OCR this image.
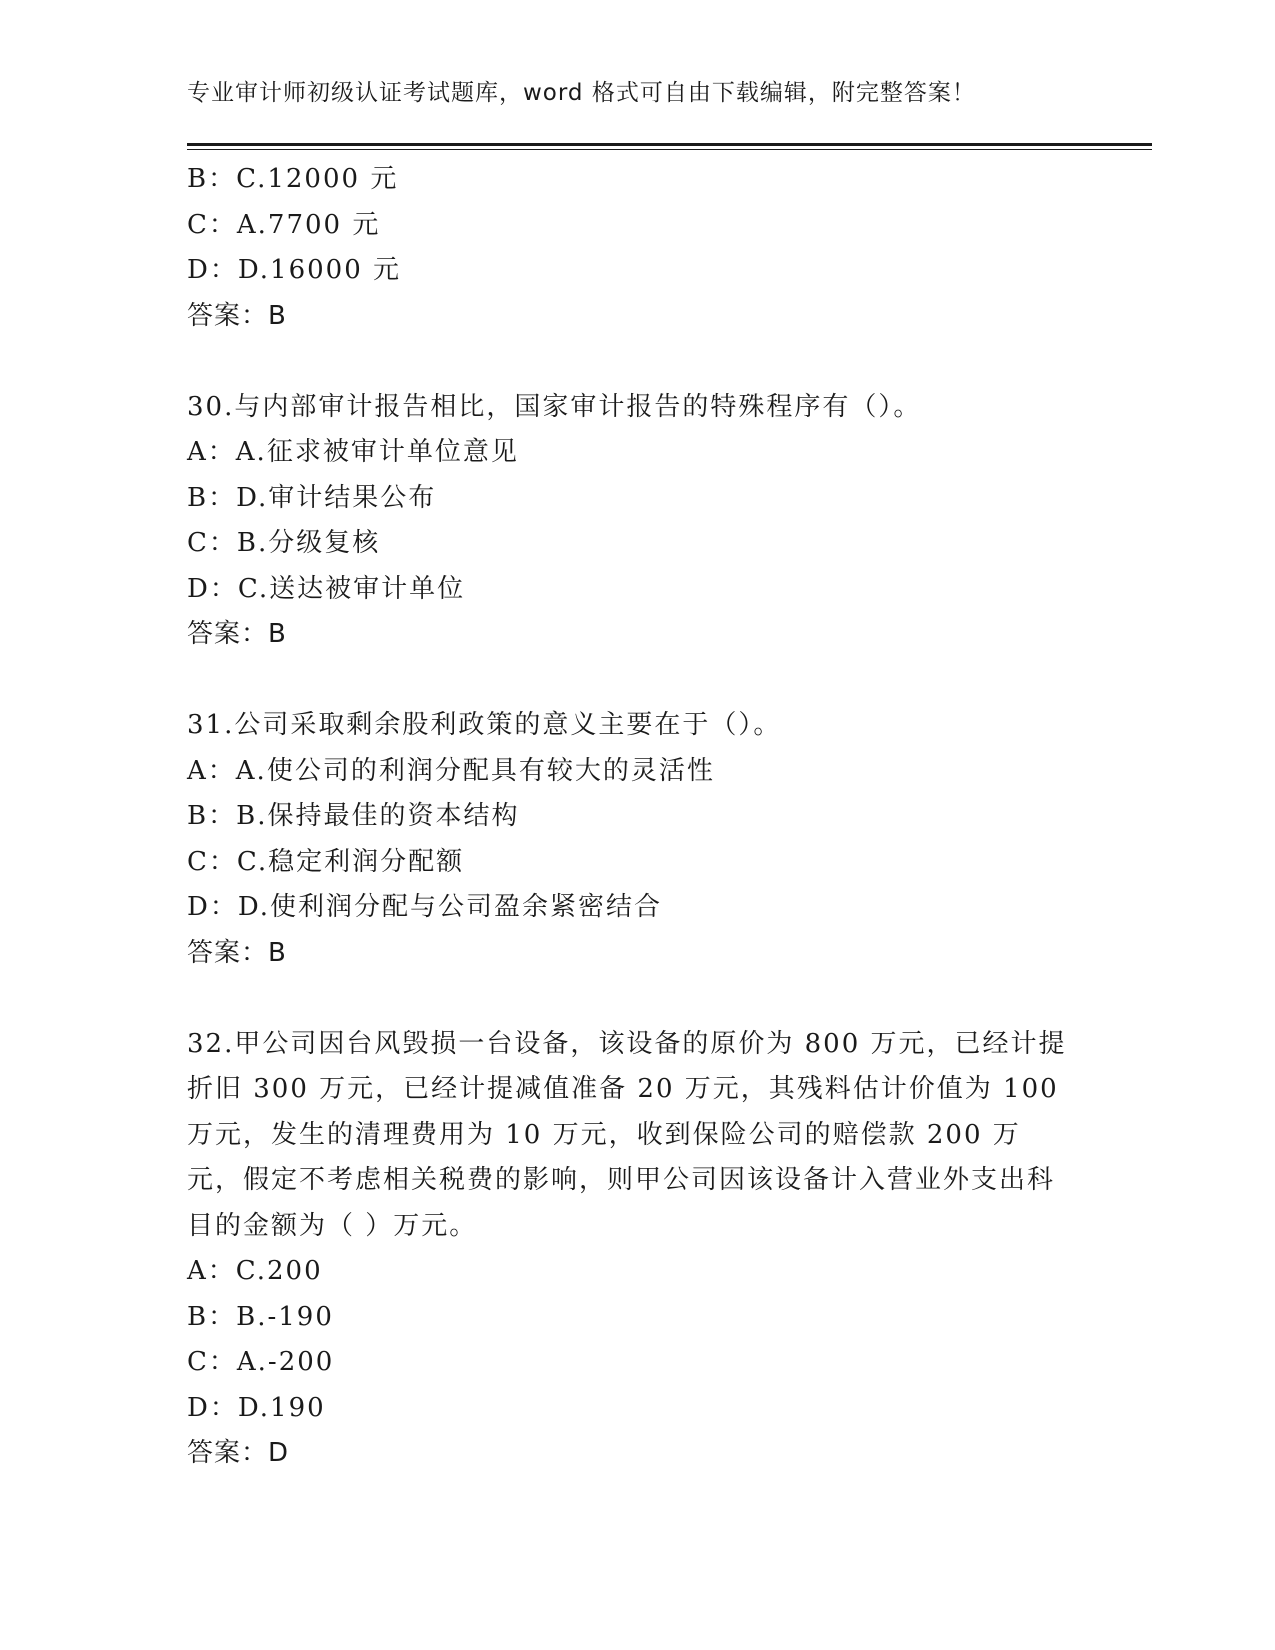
专业审计师初级认证考试题库，word 格式可自由下载编辑，附完整答案！
B：C.12000 元
C：A.7700 元
D：D.16000 元
答案：B
30.与内部审计报告相比，国家审计报告的特殊程序有（）。
A：A.征求被审计单位意见
B：D.审计结果公布
C：B.分级复核
D：C.送达被审计单位
答案：B
31.公司采取剩余股利政策的意义主要在于（）。
A：A.使公司的利润分配具有较大的灵活性
B：B.保持最佳的资本结构
C：C.稳定利润分配额
D：D.使利润分配与公司盈余紧密结合
答案：B
32.甲公司因台风毁损一台设备，该设备的原价为 800 万元，已经计提折旧 300 万元，已经计提减值准备 20 万元，其残料估计价值为 100 万元，发生的清理费用为 10 万元，收到保险公司的赔偿款 200 万元，假定不考虑相关税费的影响，则甲公司因该设备计入营业外支出科目的金额为（ ）万元。
A：C.200
B：B.-190
C：A.-200
D：D.190
答案：D
